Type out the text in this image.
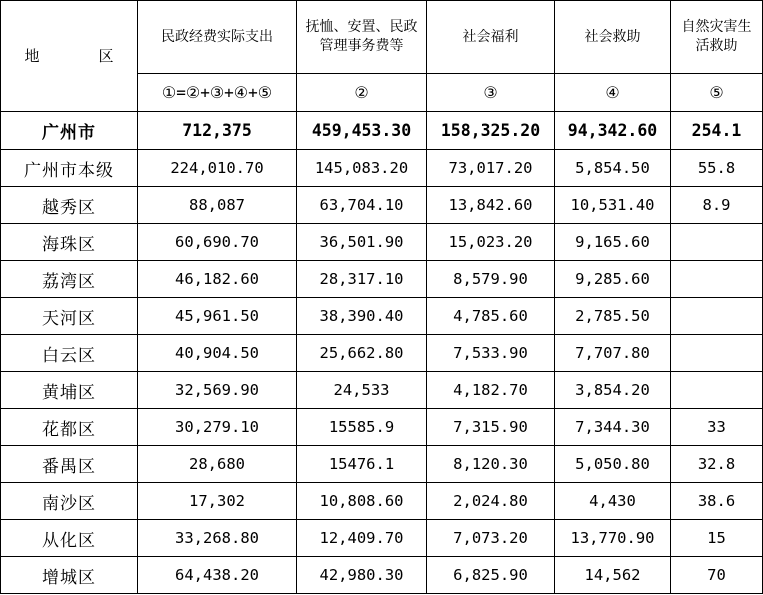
地　区	民政经费实际支出	抚恤、安置、民政管理事务费等	社会福利	社会救助	自然灾害生活救助
	①=②+③+④+⑤	②	③	④	⑤
广州市	712,375	459,453.30	158,325.20	94,342.60	254.1
广州市本级	224,010.70	145,083.20	73,017.20	5,854.50	55.8
越秀区	88,087	63,704.10	13,842.60	10,531.40	8.9
海珠区	60,690.70	36,501.90	15,023.20	9,165.60	
荔湾区	46,182.60	28,317.10	8,579.90	9,285.60	
天河区	45,961.50	38,390.40	4,785.60	2,785.50	
白云区	40,904.50	25,662.80	7,533.90	7,707.80	
黄埔区	32,569.90	24,533	4,182.70	3,854.20	
花都区	30,279.10	15585.9	7,315.90	7,344.30	33
番禺区	28,680	15476.1	8,120.30	5,050.80	32.8
南沙区	17,302	10,808.60	2,024.80	4,430	38.6
从化区	33,268.80	12,409.70	7,073.20	13,770.90	15
增城区	64,438.20	42,980.30	6,825.90	14,562	70
